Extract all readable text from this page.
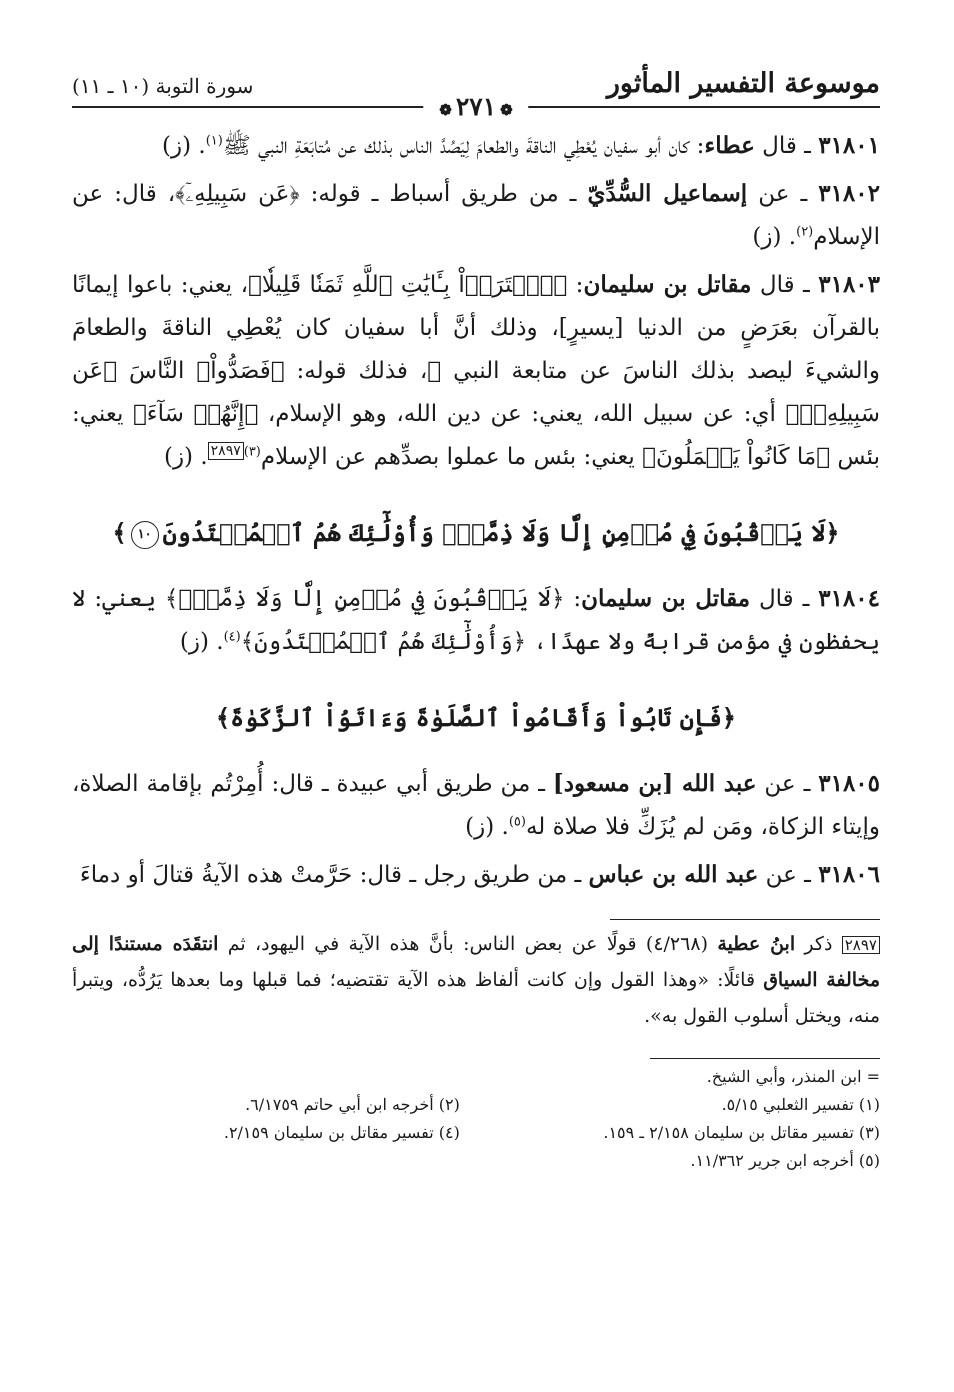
موسوعة التفسير المأثور
❁٢٧١❁
سورة التوبة (١٠ ـ ١١)

٣١٨٠١ ـ قال عطاء: كان أبو سفيان يُعْطِي الناقةَ والطعامَ لِيَصُدَّ الناس بذلك عن مُتابَعَةِ النبي ﷺ$^{(١)}$. (ز)

٣١٨٠٢ ـ عن إسماعيل السُّدِّيّ ـ من طريق أسباط ـ قوله: ﴿عَن سَبِيلِهِۦٓ﴾، قال: عن الإسلام$^{(٢)}$. (ز)

٣١٨٠٣ ـ قال مقاتل بن سليمان: ﴿ٱشۡتَرَوۡاْ بِـَٔايَٰتِ ٱللَّهِ ثَمَنٗا قَلِيلٗا﴾، يعني: باعوا إيمانًا بالقرآن بعَرَضٍ من الدنيا [يسيرٍ]، وذلك أنَّ أبا سفيان كان يُعْطِي الناقةَ والطعامَ والشيءَ ليصد بذلك الناسَ عن متابعة النبي ﷺ، فذلك قوله: ﴿فَصَدُّواْ﴾ النَّاسَ ﴿عَن سَبِيلِهِۦٓ﴾ أي: عن سبيل الله، يعني: عن دين الله، وهو الإسلام، ﴿إِنَّهُمۡ سَآءَ﴾ يعني: بئس ﴿مَا كَانُواْ يَعۡمَلُونَ﴾ يعني: بئس ما عملوا بصدِّهم عن الإسلام$^{(٣)}$٢٨٩٧. (ز)

﴿لَا يَرۡقُبُونَ فِي مُؤۡمِنٍ إِلّٗا وَلَا ذِمَّةٗۚ وَأُوْلَٰٓئِكَ هُمُ ٱلۡمُعۡتَدُونَ١٠﴾

٣١٨٠٤ ـ قال مقاتل بن سليمان: ﴿لَا يَرۡقُبُونَ فِي مُؤۡمِنٍ إِلّٗا وَلَا ذِمَّةٗۚ﴾ يعني: لا يحفظون في مؤمن قرابةً ولا عهدًا، ﴿وَأُوْلَٰٓئِكَ هُمُ ٱلۡمُعۡتَدُونَ﴾$^{(٤)}$. (ز)

﴿فَإِن تَابُواْ وَأَقَامُواْ ٱلصَّلَوٰةَ وَءَاتَوُاْ ٱلزَّكَوٰةَ﴾

٣١٨٠٥ ـ عن عبد الله [بن مسعود] ـ من طريق أبي عبيدة ـ قال: أُمِرْتُم بإقامة الصلاة، وإيتاء الزكاة، ومَن لم يُزَكِّ فلا صلاة له$^{(٥)}$. (ز)

٣١٨٠٦ ـ عن عبد الله بن عباس ـ من طريق رجل ـ قال: حَرَّمتْ هذه الآيةُ قتالَ أو دماءَ

٢٨٩٧ ذكر ابنُ عطية (٤/٢٦٨) قولًا عن بعض الناس: بأنَّ هذه الآية في اليهود، ثم انتقَدَه مستندًا إلى مخالفة السياق قائلًا: «وهذا القول وإن كانت ألفاظ هذه الآية تقتضيه؛ فما قبلها وما بعدها يَرُدُّه، ويتبرأ منه، ويختل أسلوب القول به».
= ابن المنذر، وأبي الشيخ.
(١) تفسير الثعلبي ٥/١٥.
(٣) تفسير مقاتل بن سليمان ٢/١٥٨ ـ ١٥٩.
(٥) أخرجه ابن جرير ١١/٣٦٢.
(٢) أخرجه ابن أبي حاتم ٦/١٧٥٩.
(٤) تفسير مقاتل بن سليمان ٢/١٥٩.
